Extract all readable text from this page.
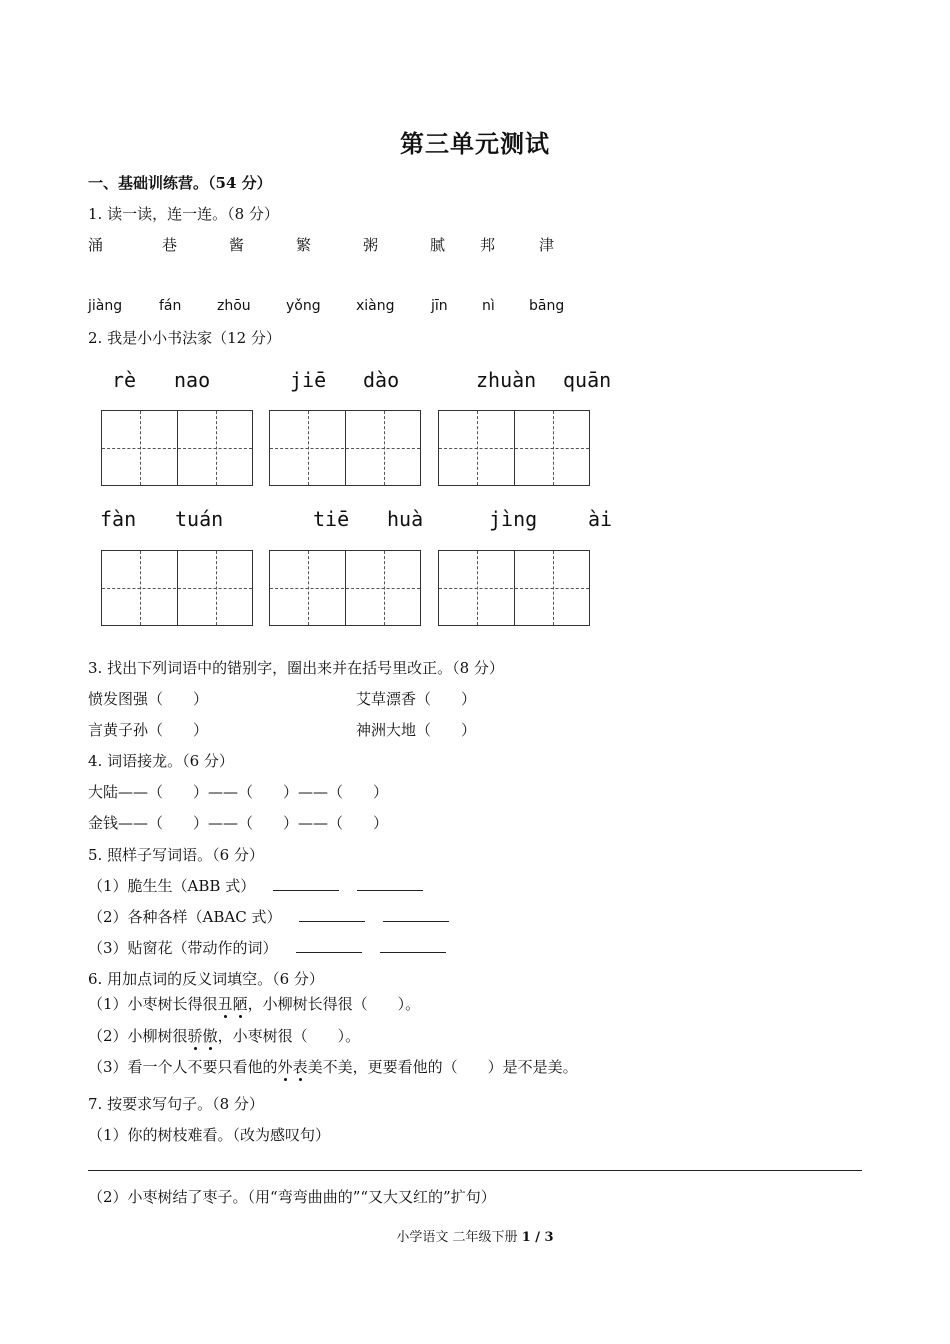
第三单元测试
一、基础训练营。（54 分）
1. 读一读，连一连。（8 分）
涌	巷	酱	繁	粥	腻 邦	津
jiàng	fán	zhōu	yǒng	xiàng	jīn nì bāng
2. 我是小小书法家（12 分）
rè nao	jiē dào	zhuàn quān
fàn tuán	tiē huà	jìng	ài
3. 找出下列词语中的错别字，圈出来并在括号里改正。（8 分）
愤发图强（　　）	艾草漂香（　　）
言黄子孙（　　）	神洲大地（　　）
4. 词语接龙。（6 分）
大陆——（　　）——（　　）——（　　）
金钱——（　　）——（　　）——（　　）
5. 照样子写词语。（6 分）
（1）脆生生（ABB 式）
（2）各种各样（ABAC 式）
（3）贴窗花（带动作的词）
6. 用加点词的反义词填空。（6 分）
（1）小枣树长得很丑陋，小柳树长得很（　　）。
（2）小柳树很骄傲，小枣树很（　　）。
（3）看一个人不要只看他的外表美不美，更要看他的（　　）是不是美。
7. 按要求写句子。（8 分）
（1）你的树枝难看。（改为感叹句）
（2）小枣树结了枣子。（用“弯弯曲曲的”“又大又红的”扩句）
小学语文 二年级下册 1 / 3
